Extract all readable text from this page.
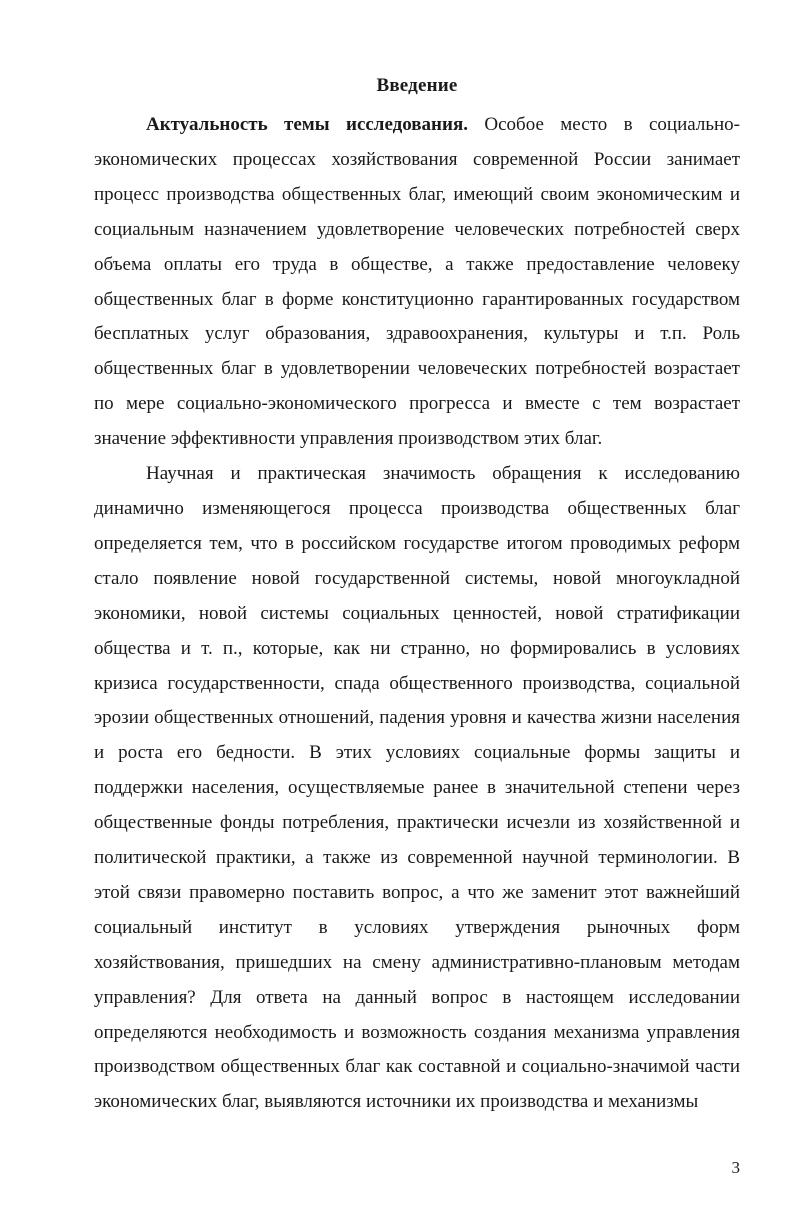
Введение

Актуальность темы исследования. Особое место в социально-экономических процессах хозяйствования современной России занимает процесс производства общественных благ, имеющий своим экономическим и социальным назначением удовлетворение человеческих потребностей сверх объема оплаты его труда в обществе, а также предоставление человеку общественных благ в форме конституционно гарантированных государством бесплатных услуг образования, здравоохранения, культуры и т.п. Роль общественных благ в удовлетворении человеческих потребностей возрастает по мере социально-экономического прогресса и вместе с тем возрастает значение эффективности управления производством этих благ.

Научная и практическая значимость обращения к исследованию динамично изменяющегося процесса производства общественных благ определяется тем, что в российском государстве итогом проводимых реформ стало появление новой государственной системы, новой многоукладной экономики, новой системы социальных ценностей, новой стратификации общества и т. п., которые, как ни странно, но формировались в условиях кризиса государственности, спада общественного производства, социальной эрозии общественных отношений, падения уровня и качества жизни населения и роста его бедности. В этих условиях социальные формы защиты и поддержки населения, осуществляемые ранее в значительной степени через общественные фонды потребления, практически исчезли из хозяйственной и политической практики, а также из современной научной терминологии. В этой связи правомерно поставить вопрос, а что же заменит этот важнейший социальный институт в условиях утверждения рыночных форм хозяйствования, пришедших на смену административно-плановым методам управления? Для ответа на данный вопрос в настоящем исследовании определяются необходимость и возможность создания механизма управления производством общественных благ как составной и социально-значимой части экономических благ, выявляются источники их производства и механизмы

3
